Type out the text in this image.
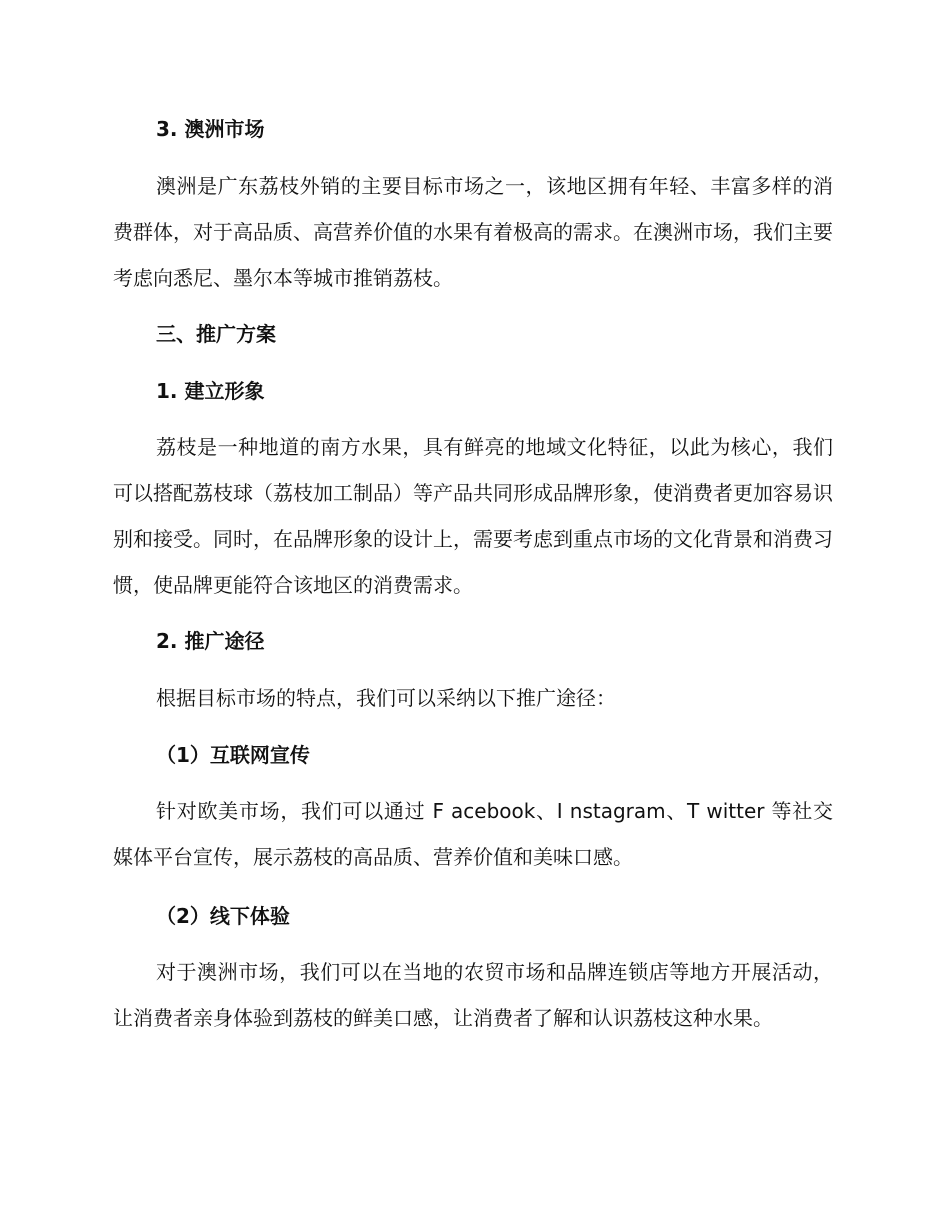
3. 澳洲市场

澳洲是广东荔枝外销的主要目标市场之一，该地区拥有年轻、丰富多样的消费群体，对于高品质、高营养价值的水果有着极高的需求。在澳洲市场，我们主要考虑向悉尼、墨尔本等城市推销荔枝。

三、推广方案
1. 建立形象

荔枝是一种地道的南方水果，具有鲜亮的地域文化特征，以此为核心，我们可以搭配荔枝球（荔枝加工制品）等产品共同形成品牌形象，使消费者更加容易识别和接受。同时，在品牌形象的设计上，需要考虑到重点市场的文化背景和消费习惯，使品牌更能符合该地区的消费需求。

2. 推广途径

根据目标市场的特点，我们可以采纳以下推广途径：

（1）互联网宣传

针对欧美市场，我们可以通过 F acebook、I nstagram、T witter 等社交媒体平台宣传，展示荔枝的高品质、营养价值和美味口感。

（2）线下体验

对于澳洲市场，我们可以在当地的农贸市场和品牌连锁店等地方开展活动，让消费者亲身体验到荔枝的鲜美口感，让消费者了解和认识荔枝这种水果。
